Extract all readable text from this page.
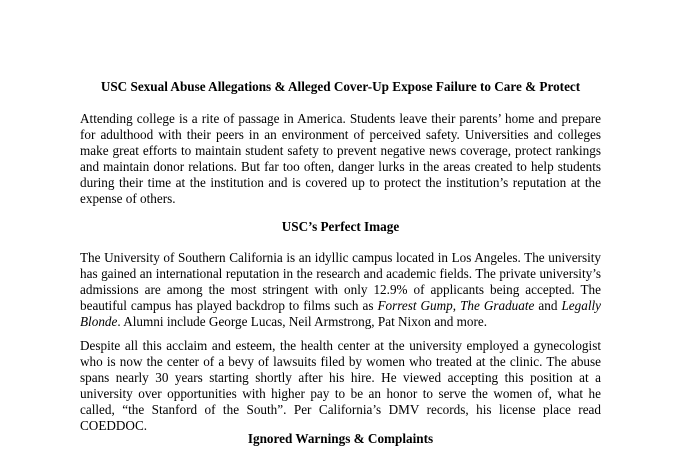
USC Sexual Abuse Allegations & Alleged Cover-Up Expose Failure to Care & Protect

Attending college is a rite of passage in America. Students leave their parents’ home and prepare for adulthood with their peers in an environment of perceived safety. Universities and colleges make great efforts to maintain student safety to prevent negative news coverage, protect rankings and maintain donor relations. But far too often, danger lurks in the areas created to help students during their time at the institution and is covered up to protect the institution’s reputation at the expense of others.

USC’s Perfect Image

The University of Southern California is an idyllic campus located in Los Angeles. The university has gained an international reputation in the research and academic fields. The private university’s admissions are among the most stringent with only 12.9% of applicants being accepted. The beautiful campus has played backdrop to films such as Forrest Gump, The Graduate and Legally Blonde. Alumni include George Lucas, Neil Armstrong, Pat Nixon and more.

Despite all this acclaim and esteem, the health center at the university employed a gynecologist who is now the center of a bevy of lawsuits filed by women who treated at the clinic. The abuse spans nearly 30 years starting shortly after his hire. He viewed accepting this position at a university over opportunities with higher pay to be an honor to serve the women of, what he called, “the Stanford of the South”. Per California’s DMV records, his license place read COEDDOC.

Ignored Warnings & Complaints
